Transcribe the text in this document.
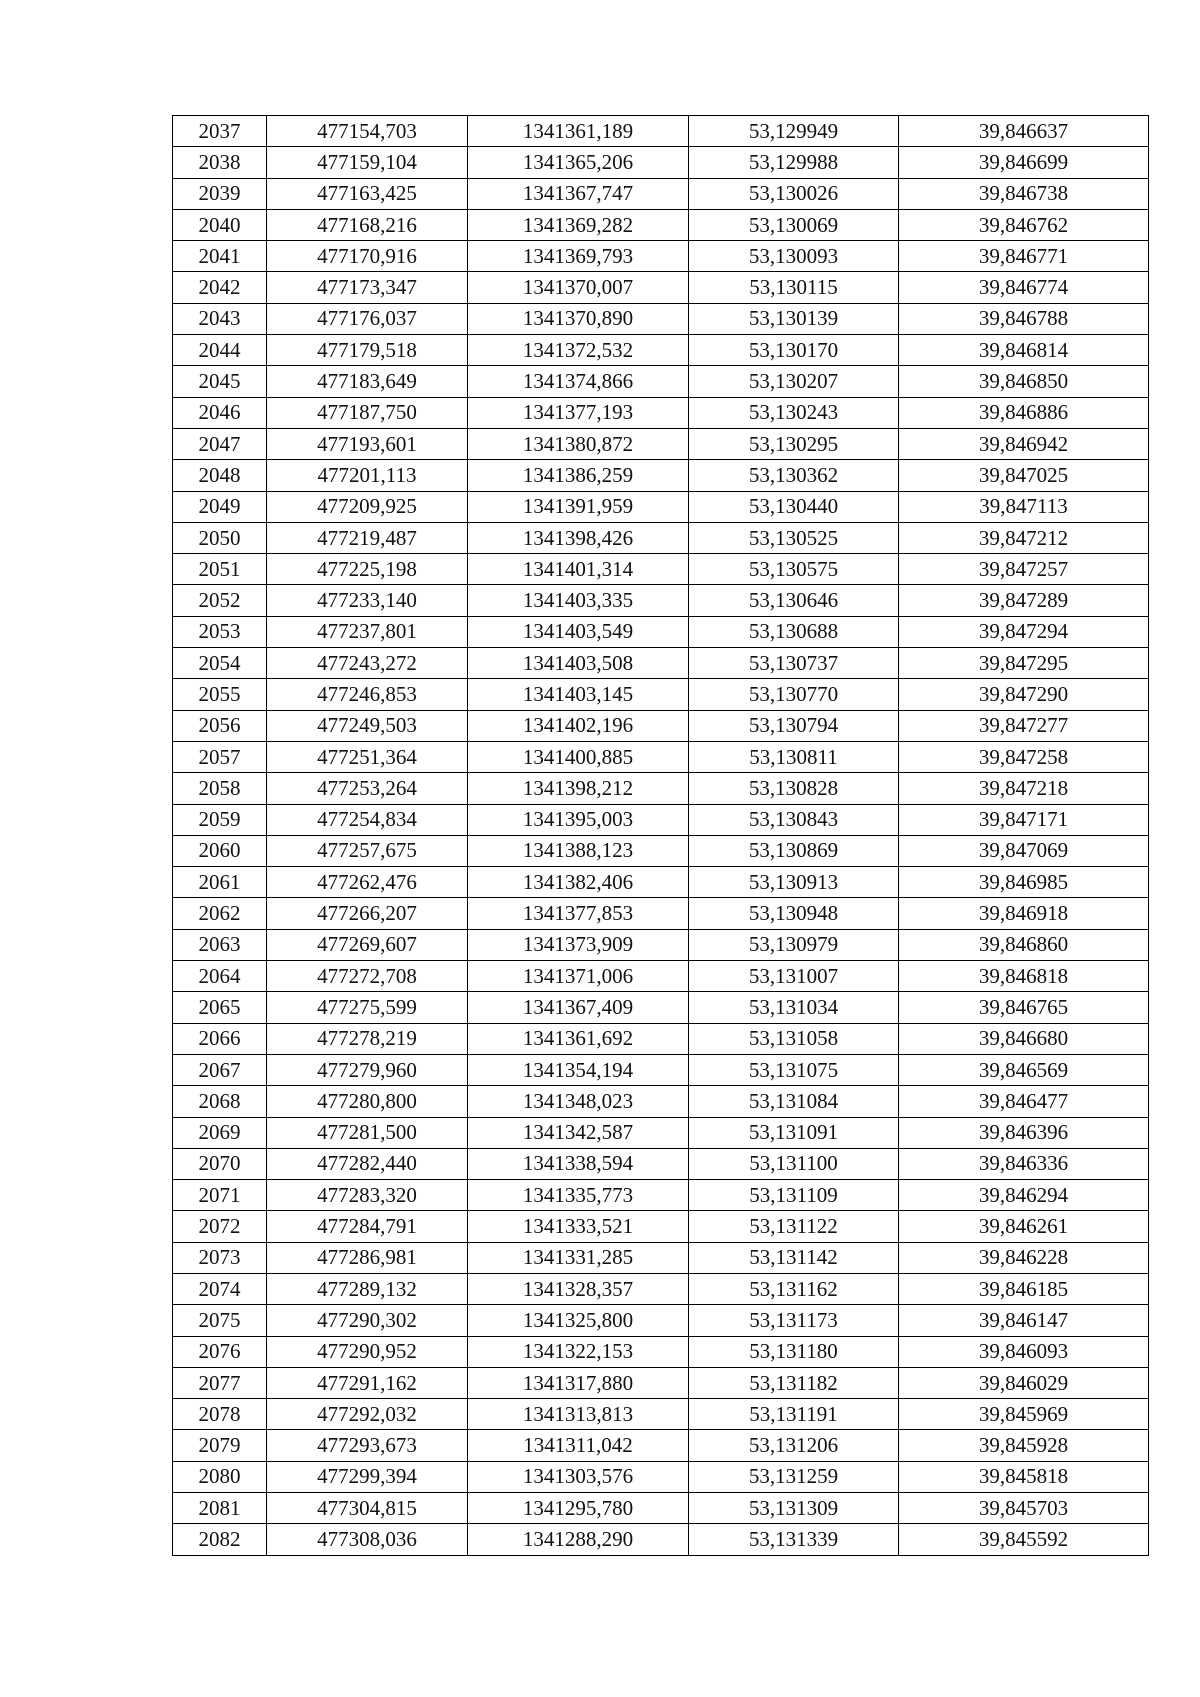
2037	477154,703	1341361,189	53,129949	39,846637
2038	477159,104	1341365,206	53,129988	39,846699
2039	477163,425	1341367,747	53,130026	39,846738
2040	477168,216	1341369,282	53,130069	39,846762
2041	477170,916	1341369,793	53,130093	39,846771
2042	477173,347	1341370,007	53,130115	39,846774
2043	477176,037	1341370,890	53,130139	39,846788
2044	477179,518	1341372,532	53,130170	39,846814
2045	477183,649	1341374,866	53,130207	39,846850
2046	477187,750	1341377,193	53,130243	39,846886
2047	477193,601	1341380,872	53,130295	39,846942
2048	477201,113	1341386,259	53,130362	39,847025
2049	477209,925	1341391,959	53,130440	39,847113
2050	477219,487	1341398,426	53,130525	39,847212
2051	477225,198	1341401,314	53,130575	39,847257
2052	477233,140	1341403,335	53,130646	39,847289
2053	477237,801	1341403,549	53,130688	39,847294
2054	477243,272	1341403,508	53,130737	39,847295
2055	477246,853	1341403,145	53,130770	39,847290
2056	477249,503	1341402,196	53,130794	39,847277
2057	477251,364	1341400,885	53,130811	39,847258
2058	477253,264	1341398,212	53,130828	39,847218
2059	477254,834	1341395,003	53,130843	39,847171
2060	477257,675	1341388,123	53,130869	39,847069
2061	477262,476	1341382,406	53,130913	39,846985
2062	477266,207	1341377,853	53,130948	39,846918
2063	477269,607	1341373,909	53,130979	39,846860
2064	477272,708	1341371,006	53,131007	39,846818
2065	477275,599	1341367,409	53,131034	39,846765
2066	477278,219	1341361,692	53,131058	39,846680
2067	477279,960	1341354,194	53,131075	39,846569
2068	477280,800	1341348,023	53,131084	39,846477
2069	477281,500	1341342,587	53,131091	39,846396
2070	477282,440	1341338,594	53,131100	39,846336
2071	477283,320	1341335,773	53,131109	39,846294
2072	477284,791	1341333,521	53,131122	39,846261
2073	477286,981	1341331,285	53,131142	39,846228
2074	477289,132	1341328,357	53,131162	39,846185
2075	477290,302	1341325,800	53,131173	39,846147
2076	477290,952	1341322,153	53,131180	39,846093
2077	477291,162	1341317,880	53,131182	39,846029
2078	477292,032	1341313,813	53,131191	39,845969
2079	477293,673	1341311,042	53,131206	39,845928
2080	477299,394	1341303,576	53,131259	39,845818
2081	477304,815	1341295,780	53,131309	39,845703
2082	477308,036	1341288,290	53,131339	39,845592
